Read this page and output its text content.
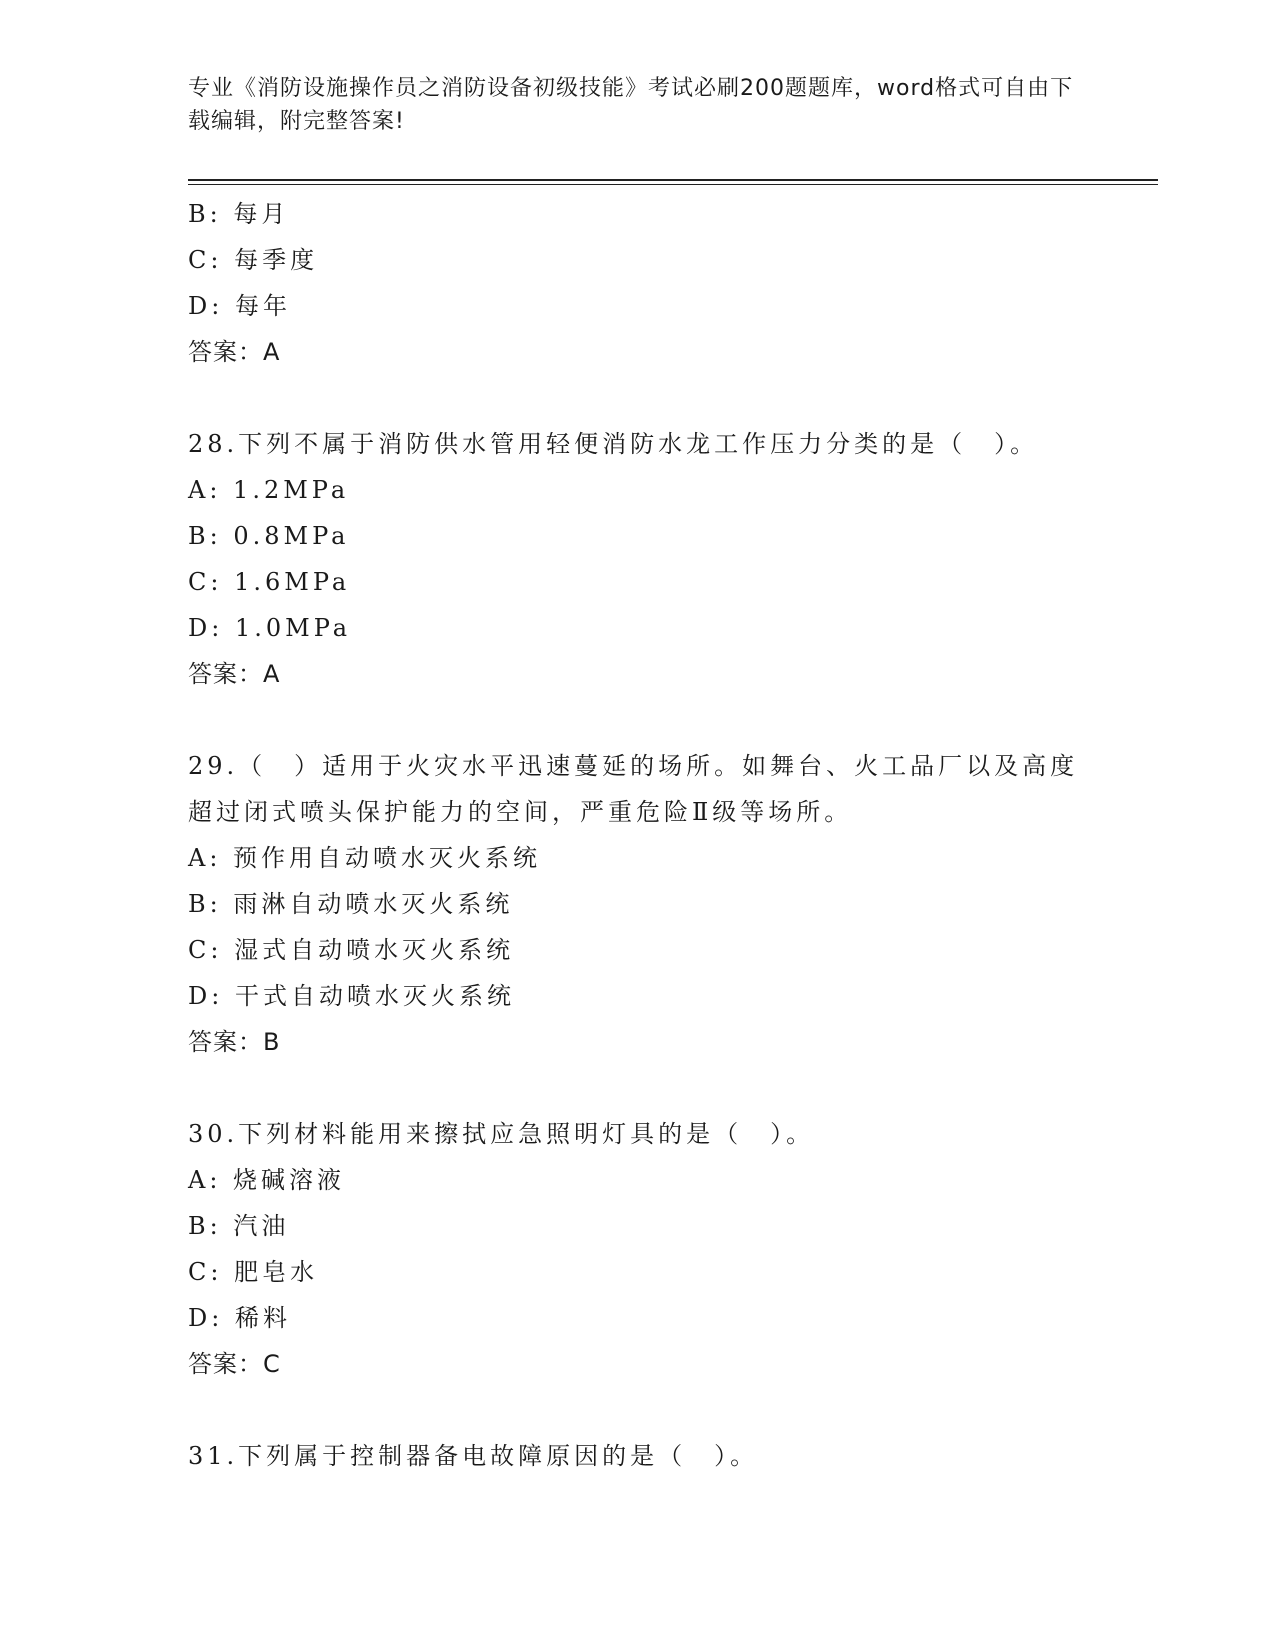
专业《消防设施操作员之消防设备初级技能》考试必刷200题题库，word格式可自由下载编辑，附完整答案!
B: 每月
C: 每季度
D: 每年
答案：A
28.下列不属于消防供水管用轻便消防水龙工作压力分类的是（　）。
A: 1.2MPa
B: 0.8MPa
C: 1.6MPa
D: 1.0MPa
答案：A
29.（　）适用于火灾水平迅速蔓延的场所。如舞台、火工品厂以及高度超过闭式喷头保护能力的空间，严重危险Ⅱ级等场所。
A: 预作用自动喷水灭火系统
B: 雨淋自动喷水灭火系统
C: 湿式自动喷水灭火系统
D: 干式自动喷水灭火系统
答案：B
30.下列材料能用来擦拭应急照明灯具的是（　）。
A: 烧碱溶液
B: 汽油
C: 肥皂水
D: 稀料
答案：C
31.下列属于控制器备电故障原因的是（　）。
